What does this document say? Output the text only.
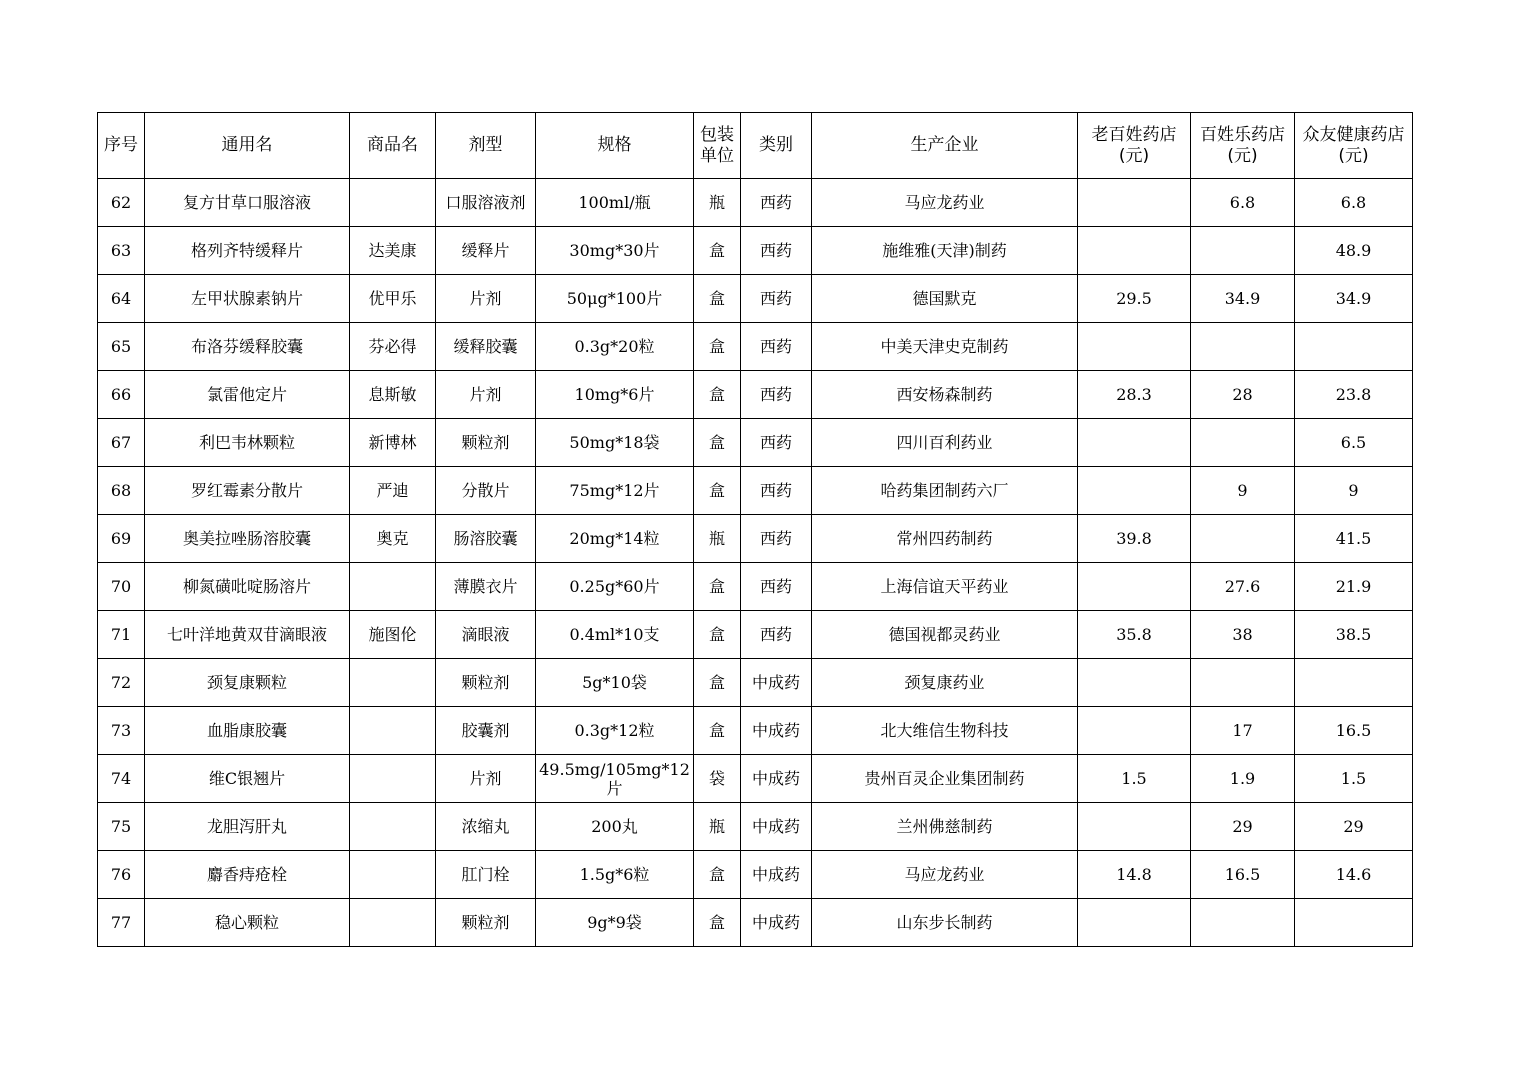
序号	通用名	商品名	剂型	规格	包装单位	类别	生产企业	老百姓药店(元)	百姓乐药店(元)	众友健康药店(元)
62	复方甘草口服溶液		口服溶液剂	100ml/瓶	瓶	西药	马应龙药业		6.8	6.8
63	格列齐特缓释片	达美康	缓释片	30mg*30片	盒	西药	施维雅(天津)制药			48.9
64	左甲状腺素钠片	优甲乐	片剂	50μg*100片	盒	西药	德国默克	29.5	34.9	34.9
65	布洛芬缓释胶囊	芬必得	缓释胶囊	0.3g*20粒	盒	西药	中美天津史克制药			
66	氯雷他定片	息斯敏	片剂	10mg*6片	盒	西药	西安杨森制药	28.3	28	23.8
67	利巴韦林颗粒	新博林	颗粒剂	50mg*18袋	盒	西药	四川百利药业			6.5
68	罗红霉素分散片	严迪	分散片	75mg*12片	盒	西药	哈药集团制药六厂		9	9
69	奥美拉唑肠溶胶囊	奥克	肠溶胶囊	20mg*14粒	瓶	西药	常州四药制药	39.8		41.5
70	柳氮磺吡啶肠溶片		薄膜衣片	0.25g*60片	盒	西药	上海信谊天平药业		27.6	21.9
71	七叶洋地黄双苷滴眼液	施图伦	滴眼液	0.4ml*10支	盒	西药	德国视都灵药业	35.8	38	38.5
72	颈复康颗粒		颗粒剂	5g*10袋	盒	中成药	颈复康药业			
73	血脂康胶囊		胶囊剂	0.3g*12粒	盒	中成药	北大维信生物科技		17	16.5
74	维C银翘片		片剂	49.5mg/105mg*12片	袋	中成药	贵州百灵企业集团制药	1.5	1.9	1.5
75	龙胆泻肝丸		浓缩丸	200丸	瓶	中成药	兰州佛慈制药		29	29
76	麝香痔疮栓		肛门栓	1.5g*6粒	盒	中成药	马应龙药业	14.8	16.5	14.6
77	稳心颗粒		颗粒剂	9g*9袋	盒	中成药	山东步长制药			
